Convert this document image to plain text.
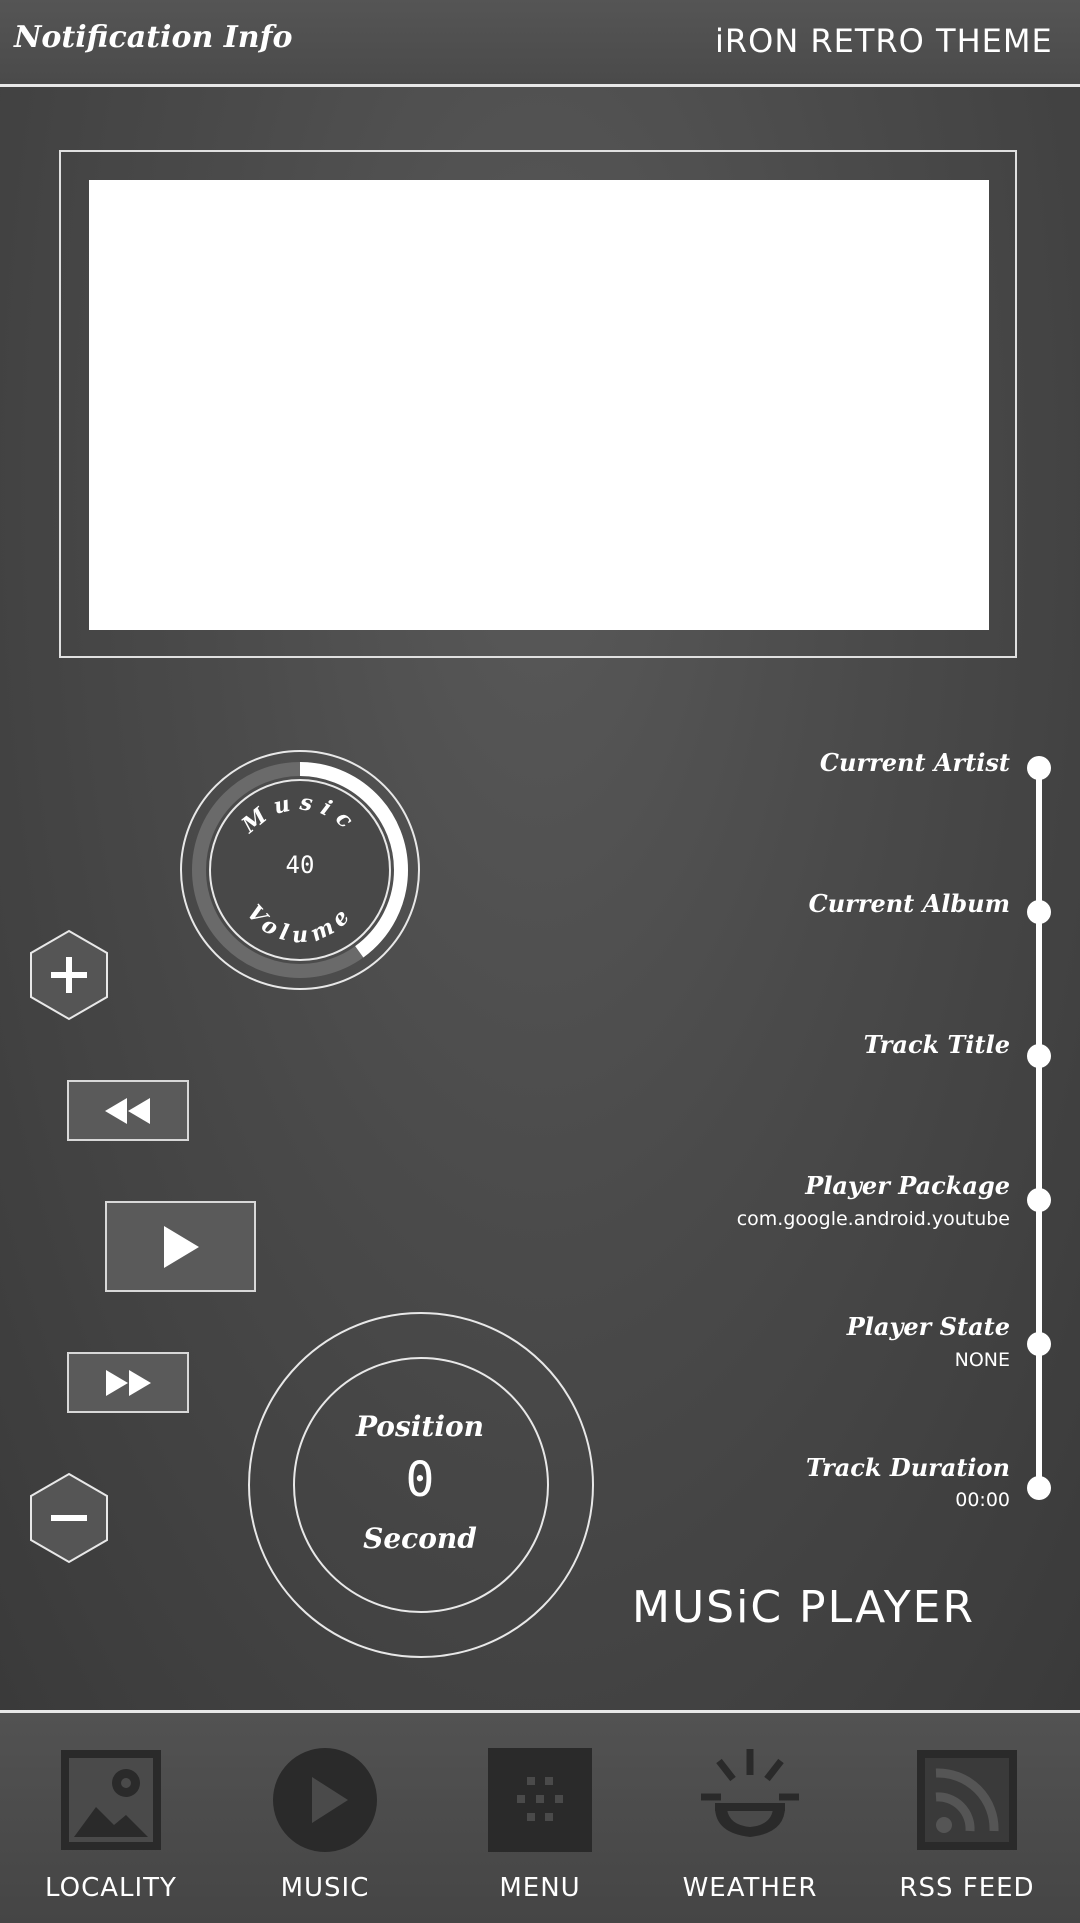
Notification Info	iRON RETRO THEME
Music
Volume
40
Position
0
Second
Current Artist
Current Album
Track Title
Player Package
com.google.android.youtube
Player State
NONE
Track Duration
00:00
MUSiC PLAYER
LOCALITY	MUSIC	MENU	WEATHER	RSS FEED
